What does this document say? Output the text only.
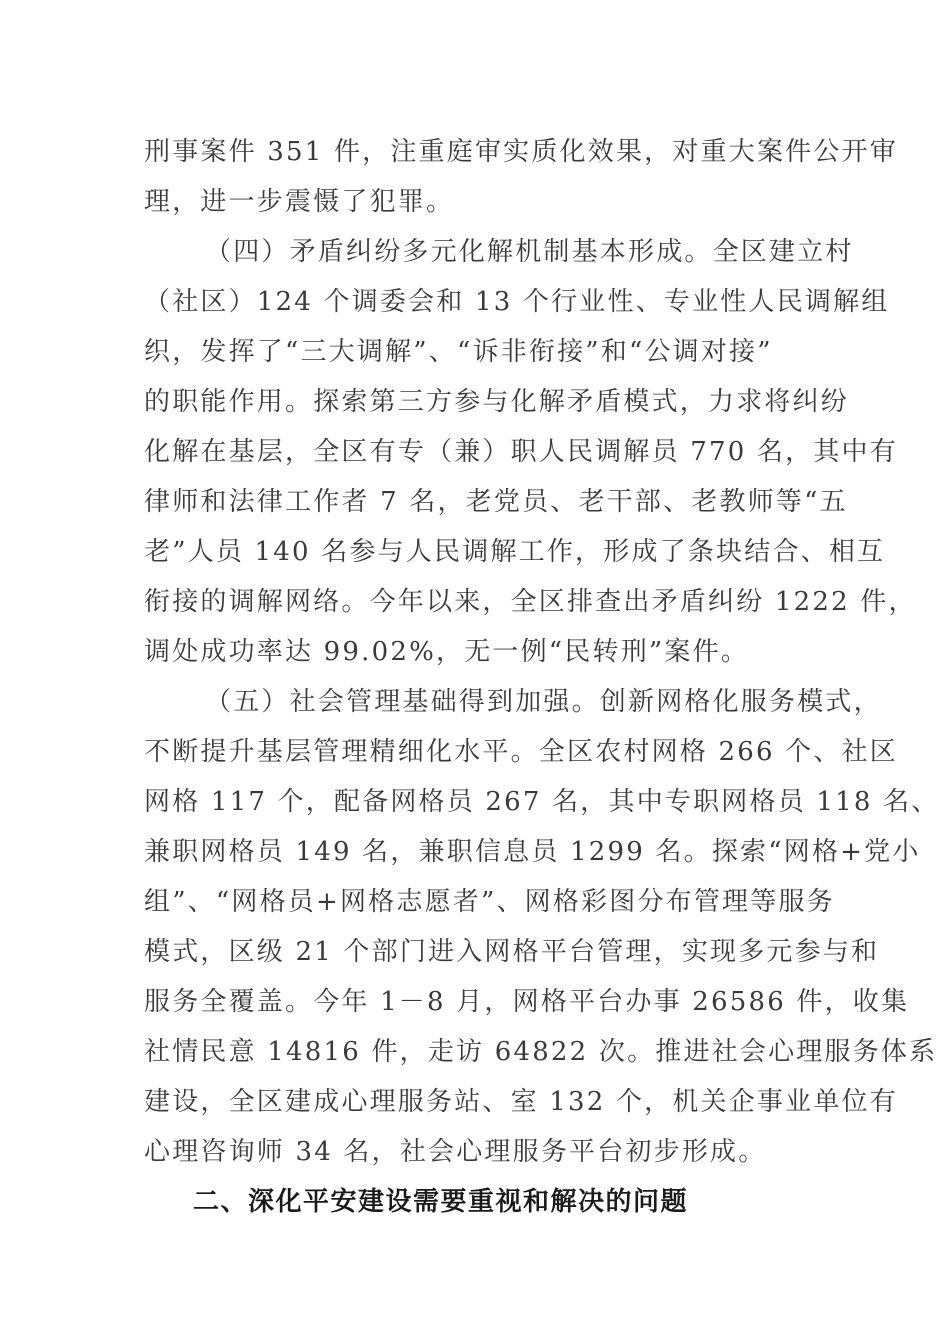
刑事案件 351 件，注重庭审实质化效果，对重大案件公开审
理，进一步震慑了犯罪。
（四）矛盾纠纷多元化解机制基本形成。全区建立村
（社区）124 个调委会和 13 个行业性、专业性人民调解组
织，发挥了“三大调解”、“诉非衔接”和“公调对接”
的职能作用。探索第三方参与化解矛盾模式，力求将纠纷
化解在基层，全区有专（兼）职人民调解员 770 名，其中有
律师和法律工作者 7 名，老党员、老干部、老教师等“五
老”人员 140 名参与人民调解工作，形成了条块结合、相互
衔接的调解网络。今年以来，全区排查出矛盾纠纷 1222 件，
调处成功率达 99.02%，无一例“民转刑”案件。
（五）社会管理基础得到加强。创新网格化服务模式，
不断提升基层管理精细化水平。全区农村网格 266 个、社区
网格 117 个，配备网格员 267 名，其中专职网格员 118 名、
兼职网格员 149 名，兼职信息员 1299 名。探索“网格+党小
组”、“网格员+网格志愿者”、网格彩图分布管理等服务
模式，区级 21 个部门进入网格平台管理，实现多元参与和
服务全覆盖。今年 1－8 月，网格平台办事 26586 件，收集
社情民意 14816 件，走访 64822 次。推进社会心理服务体系
建设，全区建成心理服务站、室 132 个，机关企事业单位有
心理咨询师 34 名，社会心理服务平台初步形成。
二、深化平安建设需要重视和解决的问题
